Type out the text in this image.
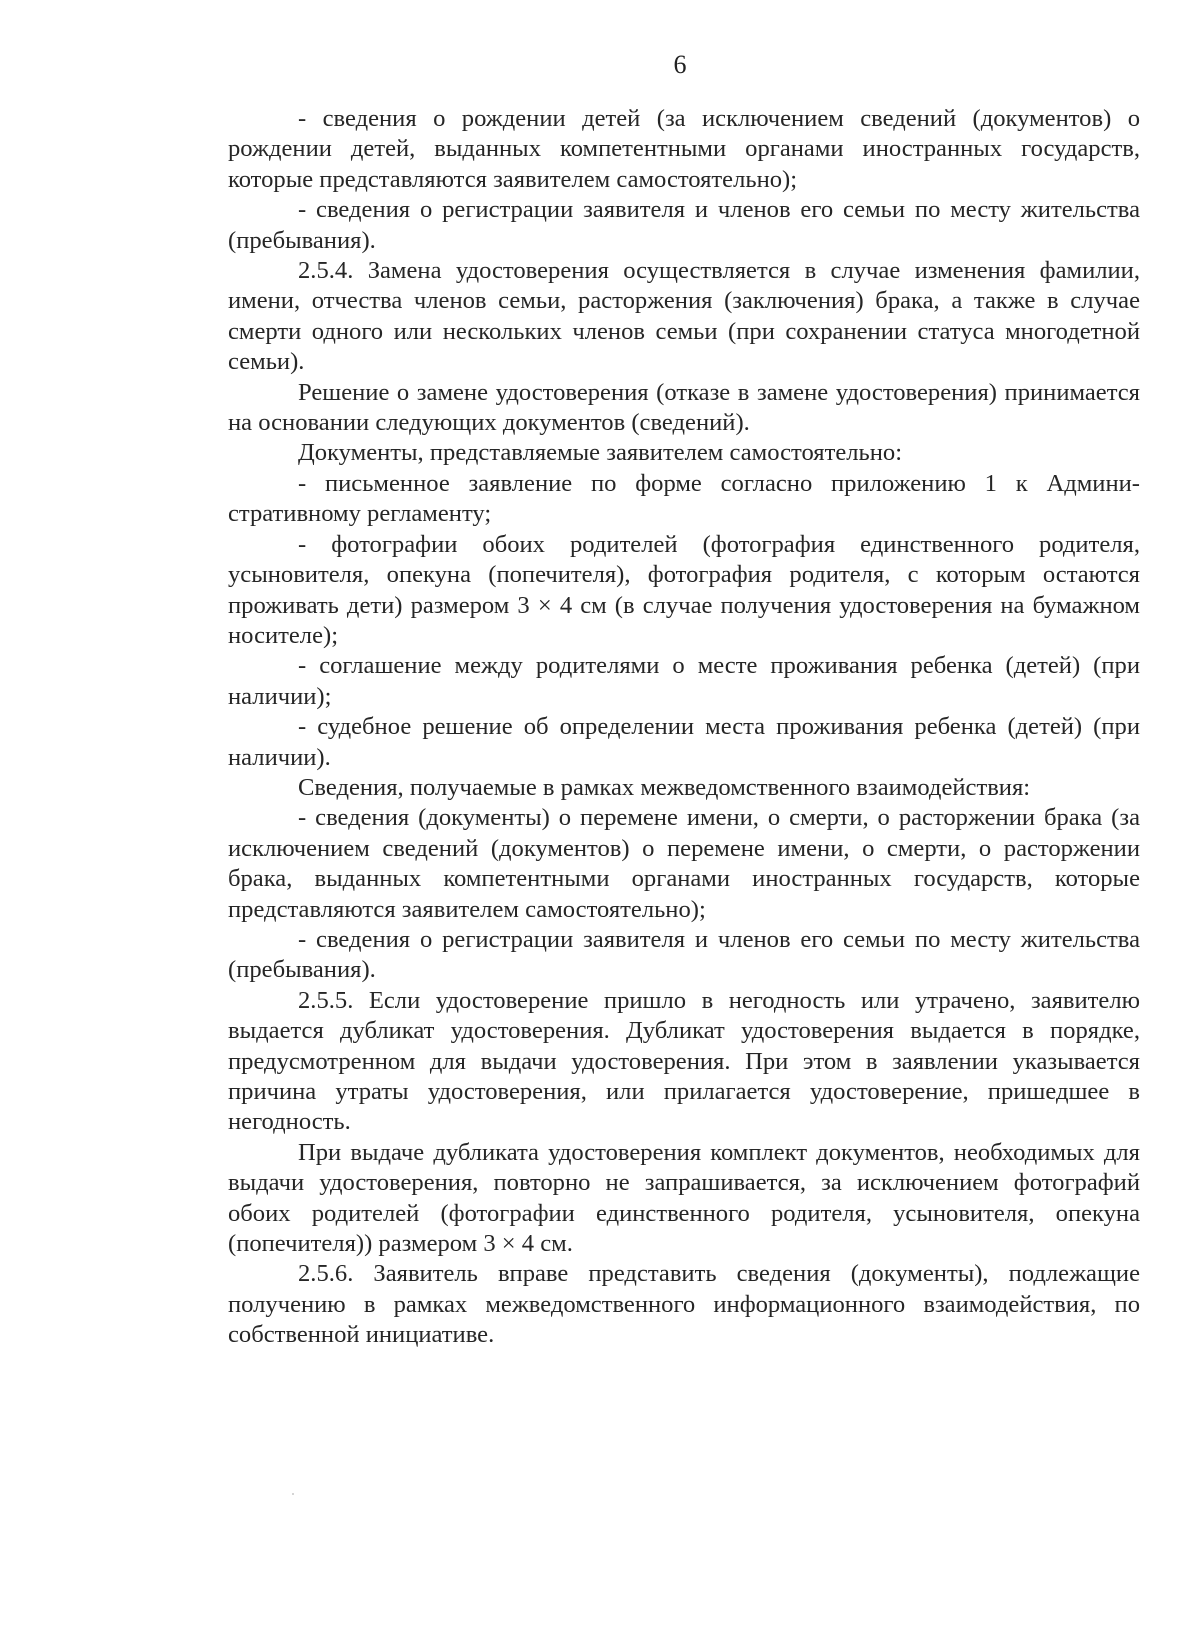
6

- сведения о рождении детей (за исключением сведений (документов) о рождении детей, выданных компетентными органами иностранных государств, которые представляются заявителем самостоятельно);

- сведения о регистрации заявителя и членов его семьи по месту жительства (пребывания).

2.5.4. Замена удостоверения осуществляется в случае изменения фамилии, имени, отчества членов семьи, расторжения (заключения) брака, а также в случае смерти одного или нескольких членов семьи (при сохранении статуса многодетной семьи).

Решение о замене удостоверения (отказе в замене удостоверения) принимается на основании следующих документов (сведений).

Документы, представляемые заявителем самостоятельно:

- письменное заявление по форме согласно приложению 1 к Административному регламенту;

- фотографии обоих родителей (фотография единственного родителя, усыновителя, опекуна (попечителя), фотография родителя, с которым остаются проживать дети) размером 3 × 4 см (в случае получения удостоверения на бумажном носителе);

- соглашение между родителями о месте проживания ребенка (детей) (при наличии);

- судебное решение об определении места проживания ребенка (детей) (при наличии).

Сведения, получаемые в рамках межведомственного взаимодействия:

- сведения (документы) о перемене имени, о смерти, о расторжении брака (за исключением сведений (документов) о перемене имени, о смерти, о расторжении брака, выданных компетентными органами иностранных государств, которые представляются заявителем самостоятельно);

- сведения о регистрации заявителя и членов его семьи по месту жительства (пребывания).

2.5.5. Если удостоверение пришло в негодность или утрачено, заявителю выдается дубликат удостоверения. Дубликат удостоверения выдается в порядке, предусмотренном для выдачи удостоверения. При этом в заявлении указывается причина утраты удостоверения, или прилагается удостоверение, пришедшее в негодность.

При выдаче дубликата удостоверения комплект документов, необходимых для выдачи удостоверения, повторно не запрашивается, за исключением фотографий обоих родителей (фотографии единственного родителя, усыновителя, опекуна (попечителя)) размером 3 × 4 см.

2.5.6. Заявитель вправе представить сведения (документы), подлежащие получению в рамках межведомственного информационного взаимодействия, по собственной инициативе.
